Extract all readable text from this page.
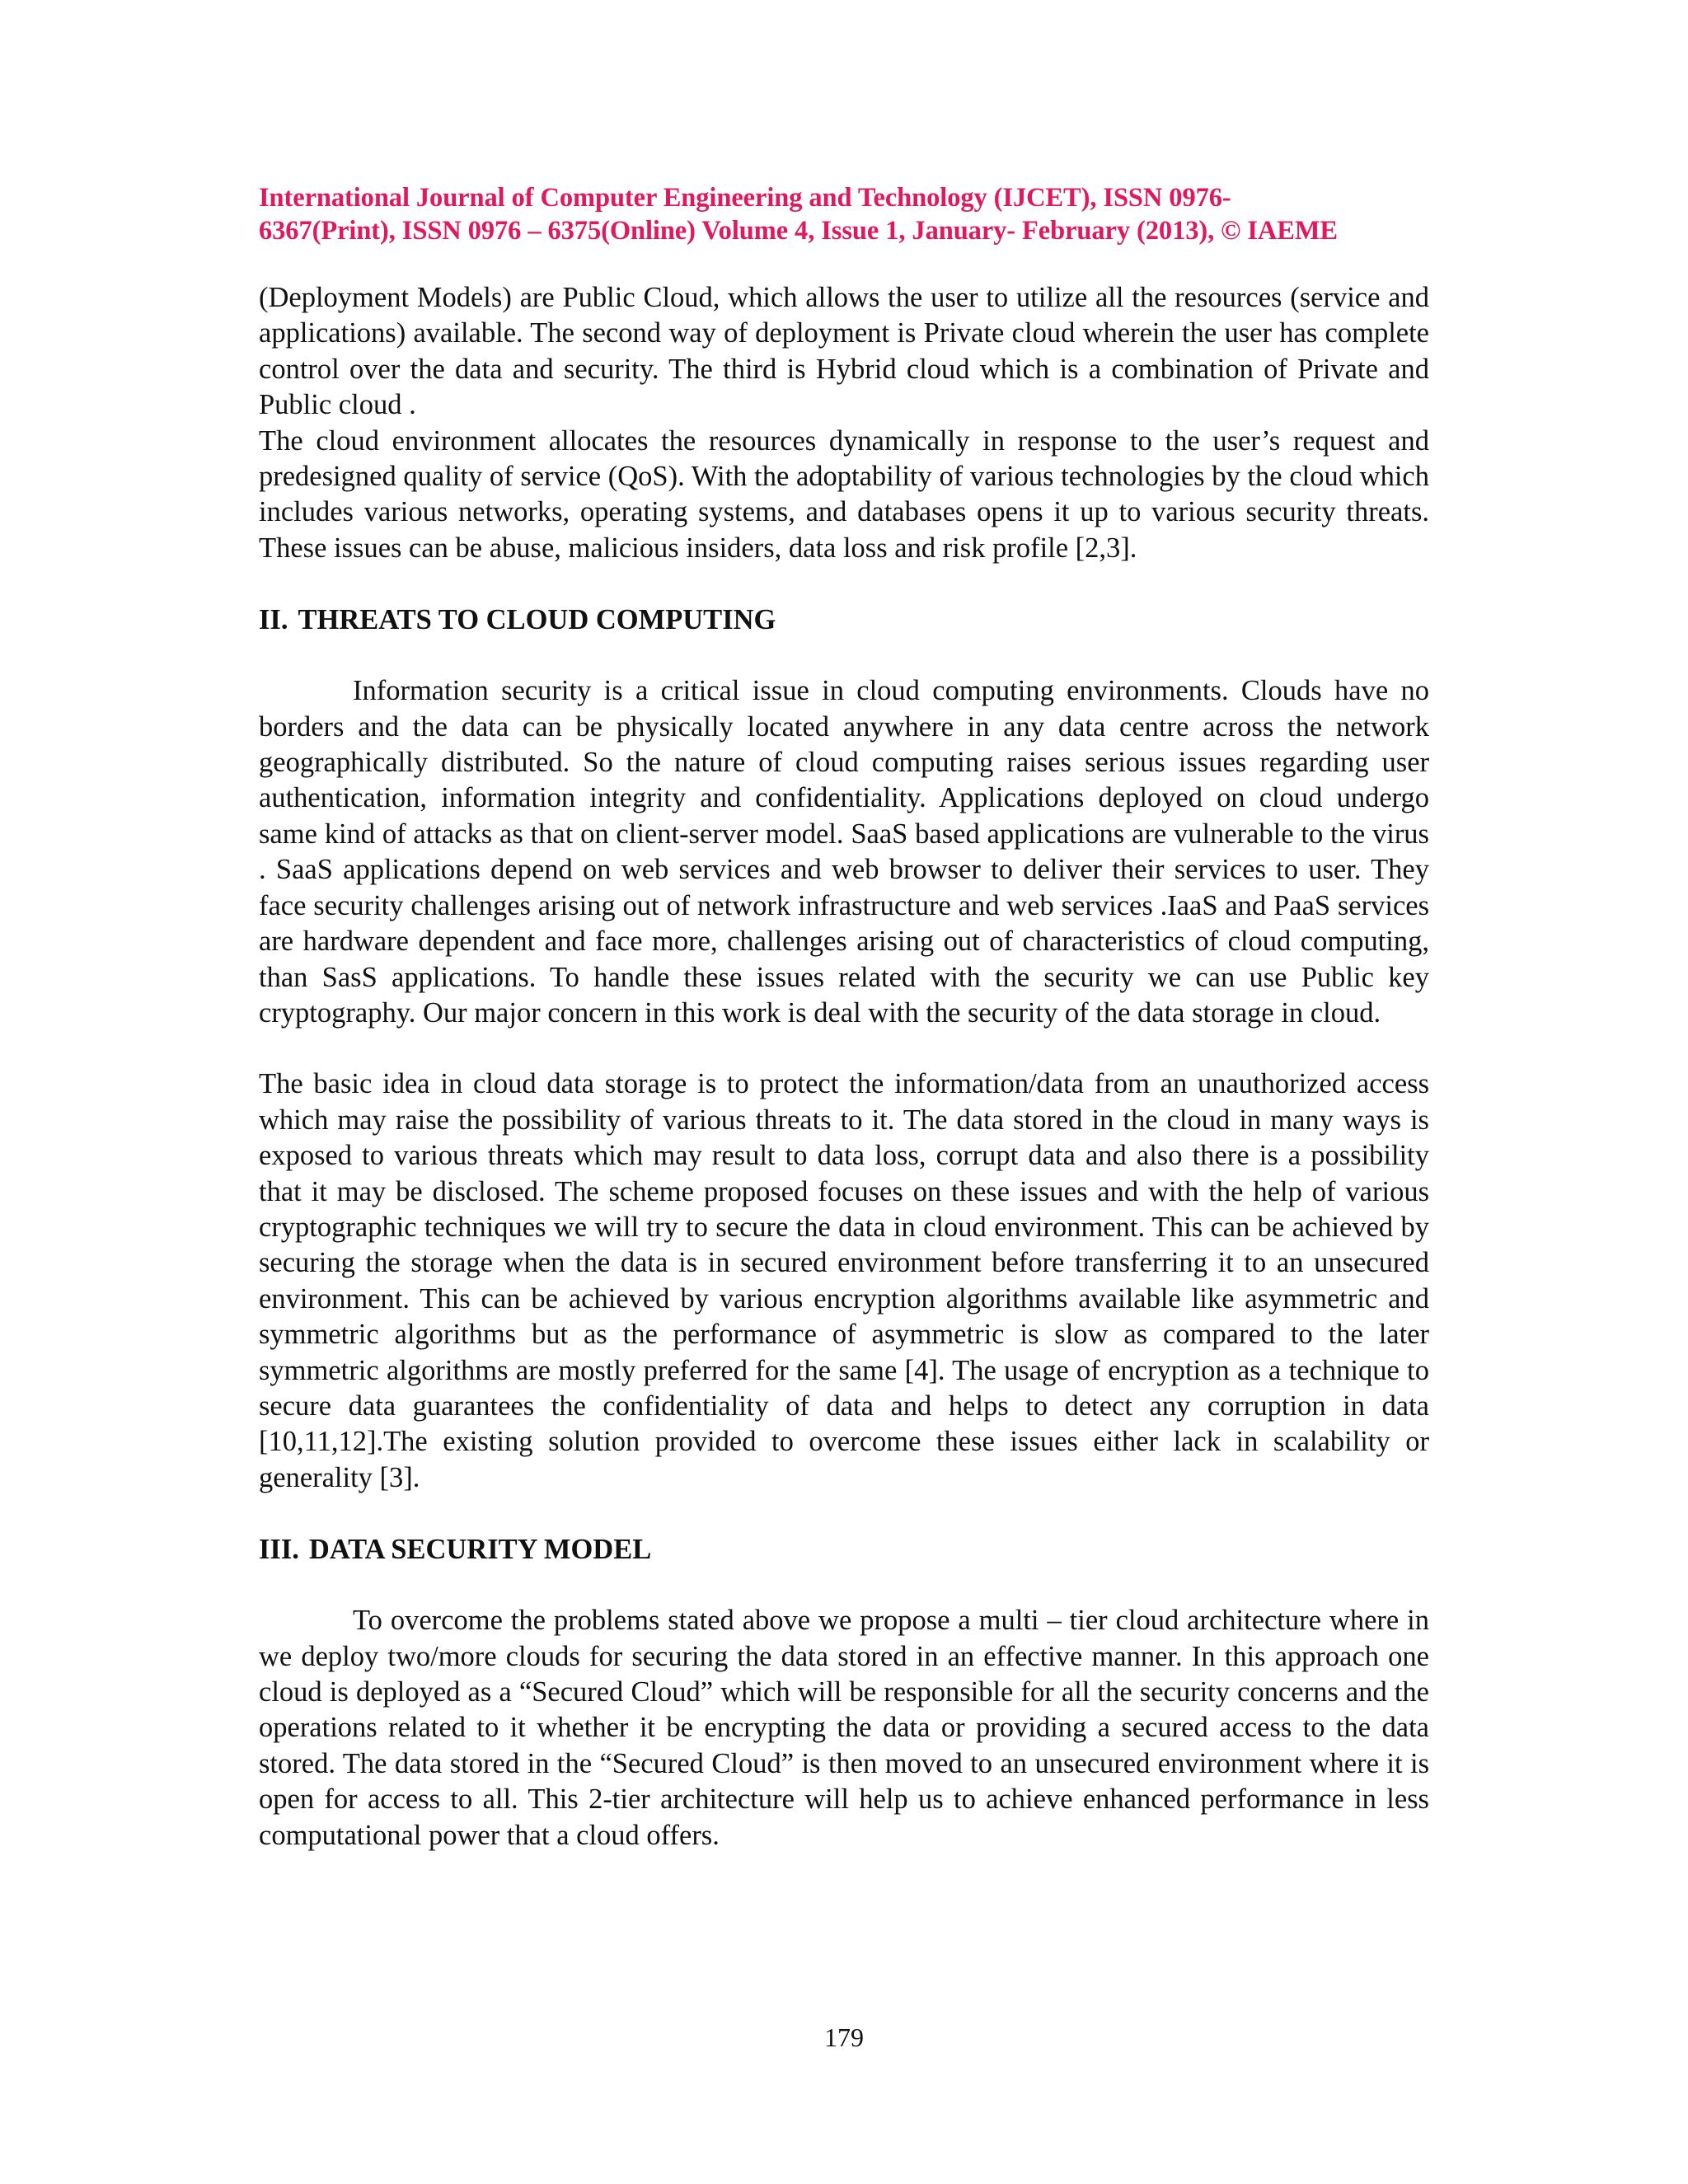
International Journal of Computer Engineering and Technology (IJCET), ISSN 0976-
6367(Print), ISSN 0976 – 6375(Online) Volume 4, Issue 1, January- February (2013), © IAEME

(Deployment Models) are Public Cloud, which allows the user to utilize all the resources (service and applications) available. The second way of deployment is Private cloud wherein the user has complete control over the data and security. The third is Hybrid cloud which is a combination of Private and Public cloud .

The cloud environment allocates the resources dynamically in response to the user’s request and predesigned quality of service (QoS). With the adoptability of various technologies by the cloud which includes various networks, operating systems, and databases opens it up to various security threats. These issues can be abuse, malicious insiders, data loss and risk profile [2,3].

II. THREATS TO CLOUD COMPUTING

Information security is a critical issue in cloud computing environments. Clouds have no borders and the data can be physically located anywhere in any data centre across the network geographically distributed. So the nature of cloud computing raises serious issues regarding user authentication, information integrity and confidentiality. Applications deployed on cloud undergo same kind of attacks as that on client-server model. SaaS based applications are vulnerable to the virus . SaaS applications depend on web services and web browser to deliver their services to user. They face security challenges arising out of network infrastructure and web services .IaaS and PaaS services are hardware dependent and face more, challenges arising out of characteristics of cloud computing, than SasS applications. To handle these issues related with the security we can use Public key cryptography. Our major concern in this work is deal with the security of the data storage in cloud.

The basic idea in cloud data storage is to protect the information/data from an unauthorized access which may raise the possibility of various threats to it. The data stored in the cloud in many ways is exposed to various threats which may result to data loss, corrupt data and also there is a possibility that it may be disclosed. The scheme proposed focuses on these issues and with the help of various cryptographic techniques we will try to secure the data in cloud environment. This can be achieved by securing the storage when the data is in secured environment before transferring it to an unsecured environment. This can be achieved by various encryption algorithms available like asymmetric and symmetric algorithms but as the performance of asymmetric is slow as compared to the later symmetric algorithms are mostly preferred for the same [4]. The usage of encryption as a technique to secure data guarantees the confidentiality of data and helps to detect any corruption in data [10,11,12].The existing solution provided to overcome these issues either lack in scalability or generality [3].

III. DATA SECURITY MODEL

To overcome the problems stated above we propose a multi – tier cloud architecture where in we deploy two/more clouds for securing the data stored in an effective manner. In this approach one cloud is deployed as a “Secured Cloud” which will be responsible for all the security concerns and the operations related to it whether it be encrypting the data or providing a secured access to the data stored. The data stored in the “Secured Cloud” is then moved to an unsecured environment where it is open for access to all. This 2-tier architecture will help us to achieve enhanced performance in less computational power that a cloud offers.

179
